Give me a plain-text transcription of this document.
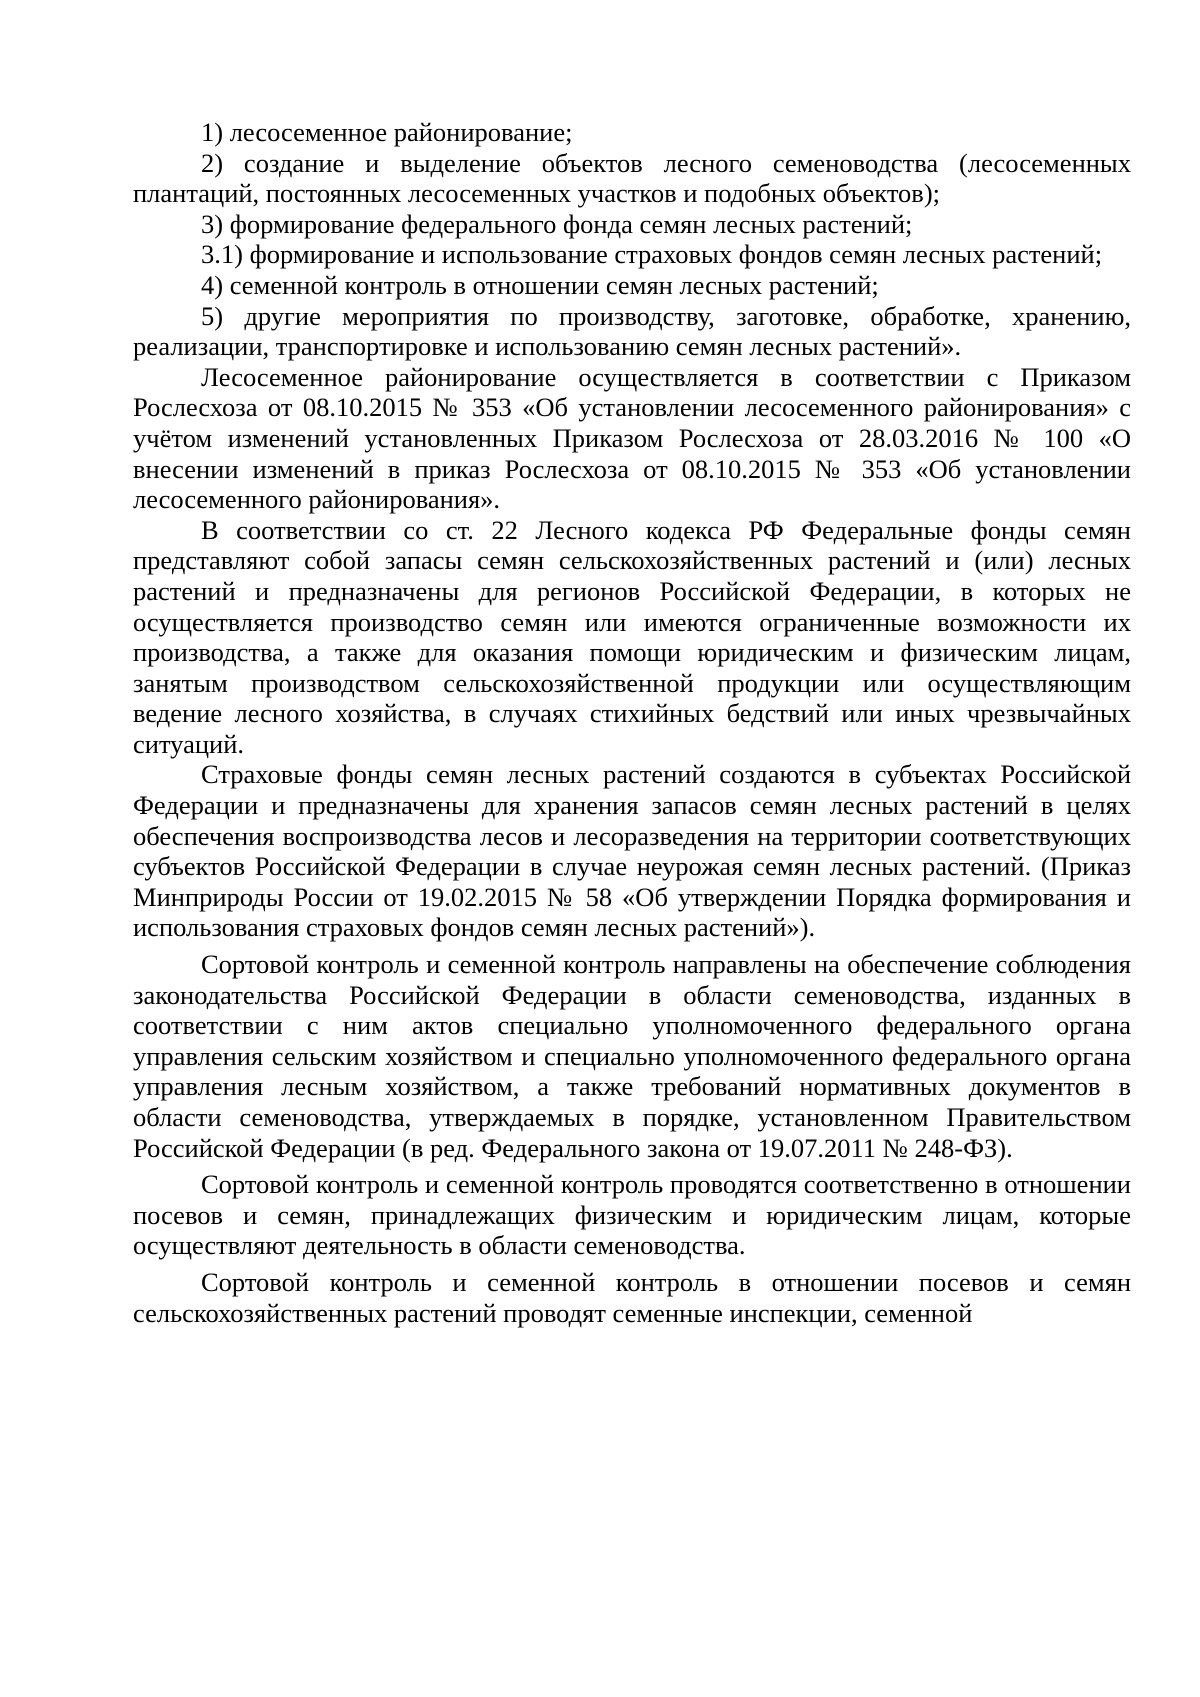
1) лесосеменное районирование;

2) создание и выделение объектов лесного семеноводства (лесосеменных плантаций, постоянных лесосеменных участков и подобных объектов);

3) формирование федерального фонда семян лесных растений;

3.1) формирование и использование страховых фондов семян лесных растений;

4) семенной контроль в отношении семян лесных растений;

5) другие мероприятия по производству, заготовке, обработке, хранению, реализации, транспортировке и использованию семян лесных растений».

Лесосеменное районирование осуществляется в соответствии с Приказом Рослесхоза от 08.10.2015 № 353 «Об установлении лесосеменного районирования» с учётом изменений установленных Приказом Рослесхоза от 28.03.2016 № 100 «О внесении изменений в приказ Рослесхоза от 08.10.2015 № 353 «Об установлении лесосеменного районирования».

В соответствии со ст. 22 Лесного кодекса РФ Федеральные фонды семян представляют собой запасы семян сельскохозяйственных растений и (или) лесных растений и предназначены для регионов Российской Федерации, в которых не осуществляется производство семян или имеются ограниченные возможности их производства, а также для оказания помощи юридическим и физическим лицам, занятым производством сельскохозяйственной продукции или осуществляющим ведение лесного хозяйства, в случаях стихийных бедствий или иных чрезвычайных ситуаций.

Страховые фонды семян лесных растений создаются в субъектах Российской Федерации и предназначены для хранения запасов семян лесных растений в целях обеспечения воспроизводства лесов и лесоразведения на территории соответствующих субъектов Российской Федерации в случае неурожая семян лесных растений. (Приказ Минприроды России от 19.02.2015 № 58 «Об утверждении Порядка формирования и использования страховых фондов семян лесных растений»).

Сортовой контроль и семенной контроль направлены на обеспечение соблюдения законодательства Российской Федерации в области семеноводства, изданных в соответствии с ним актов специально уполномоченного федерального органа управления сельским хозяйством и специально уполномоченного федерального органа управления лесным хозяйством, а также требований нормативных документов в области семеноводства, утверждаемых в порядке, установленном Правительством Российской Федерации (в ред. Федерального закона от 19.07.2011 № 248-ФЗ).

Сортовой контроль и семенной контроль проводятся соответственно в отношении посевов и семян, принадлежащих физическим и юридическим лицам, которые осуществляют деятельность в области семеноводства.

Сортовой контроль и семенной контроль в отношении посевов и семян сельскохозяйственных растений проводят семенные инспекции, семенной
